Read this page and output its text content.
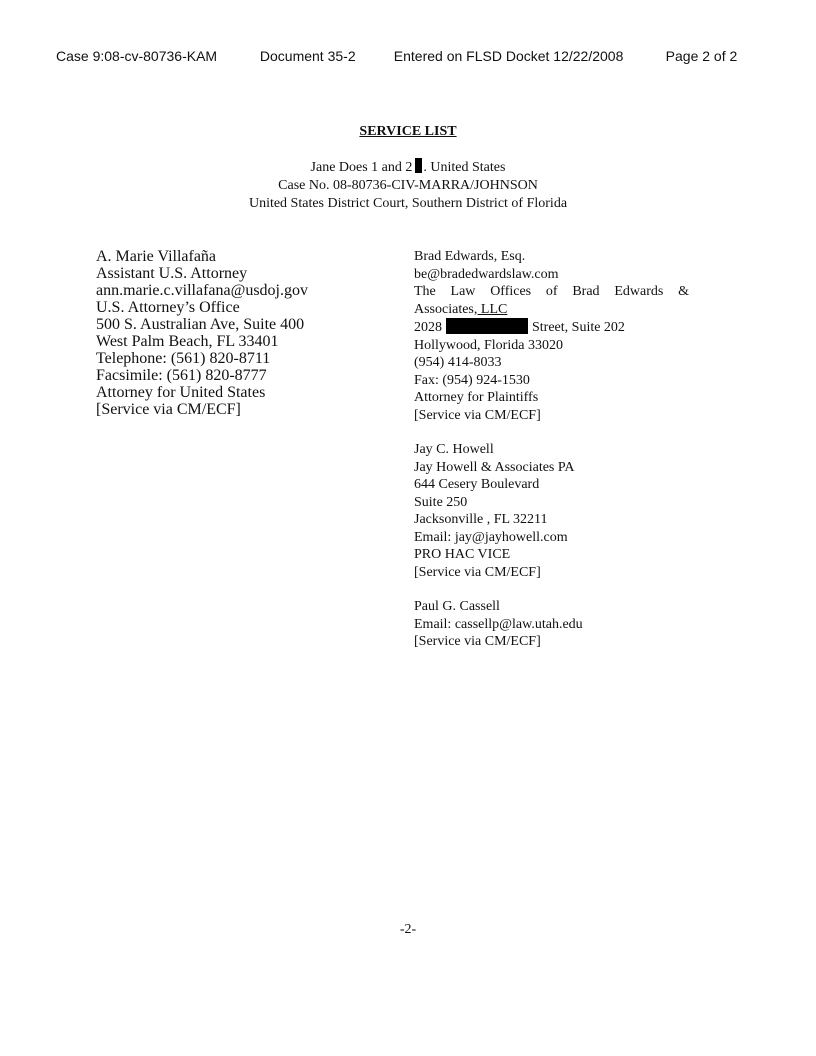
Case 9:08-cv-80736-KAM	Document 35-2	Entered on FLSD Docket 12/22/2008	Page 2 of 2
SERVICE LIST
Jane Does 1 and 2 . United States
Case No. 08-80736-CIV-MARRA/JOHNSON
United States District Court, Southern District of Florida
A. Marie Villafaña
Assistant U.S. Attorney
ann.marie.c.villafana@usdoj.gov
U.S. Attorney’s Office
500 S. Australian Ave, Suite 400
West Palm Beach, FL 33401
Telephone: (561) 820-8711
Facsimile: (561) 820-8777
Attorney for United States
[Service via CM/ECF]
Brad Edwards, Esq.
be@bradedwardslaw.com
The Law Offices of Brad Edwards &
Associates, LLC
2028	Street, Suite 202
Hollywood, Florida 33020
(954) 414-8033
Fax: (954) 924-1530
Attorney for Plaintiffs
[Service via CM/ECF]
Jay C. Howell
Jay Howell & Associates PA
644 Cesery Boulevard
Suite 250
Jacksonville , FL 32211
Email: jay@jayhowell.com
PRO HAC VICE
[Service via CM/ECF]
Paul G. Cassell
Email: cassellp@law.utah.edu
[Service via CM/ECF]
-2-
